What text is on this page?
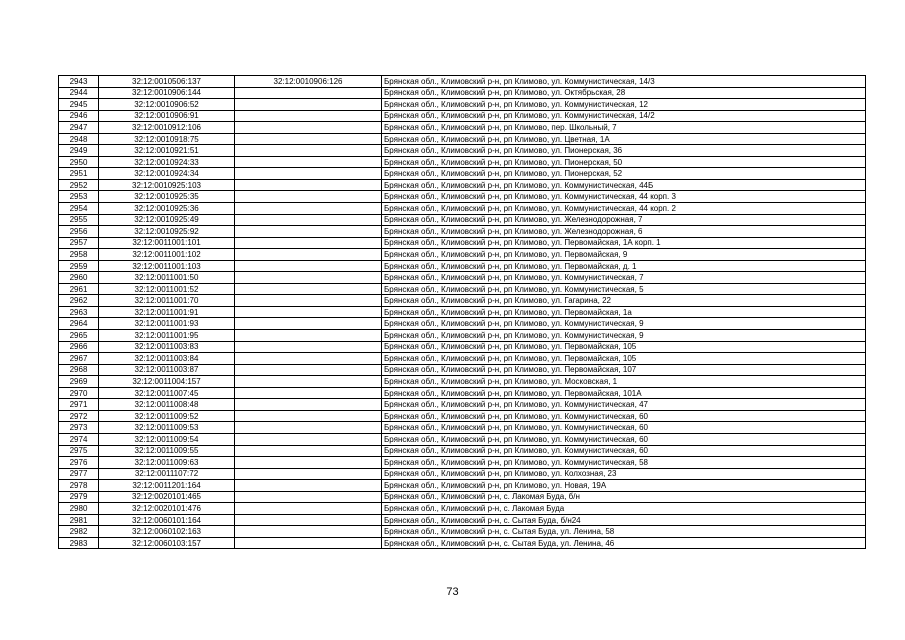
2943	32:12:0010506:137	32:12:0010906:126	Брянская обл., Климовский р-н, рп Климово, ул. Коммунистическая, 14/3
2944	32:12:0010906:144		Брянская обл., Климовский р-н, рп Климово, ул. Октябрьская, 28
2945	32:12:0010906:52		Брянская обл., Климовский р-н, рп Климово, ул. Коммунистическая, 12
2946	32:12:0010906:91		Брянская обл., Климовский р-н, рп Климово, ул. Коммунистическая, 14/2
2947	32:12:0010912:106		Брянская обл., Климовский р-н, рп Климово, пер. Школьный, 7
2948	32:12:0010918:75		Брянская обл., Климовский р-н, рп Климово, ул. Цветная, 1А
2949	32:12:0010921:51		Брянская обл., Климовский р-н, рп Климово, ул. Пионерская, 36
2950	32:12:0010924:33		Брянская обл., Климовский р-н, рп Климово, ул. Пионерская, 50
2951	32:12:0010924:34		Брянская обл., Климовский р-н, рп Климово, ул. Пионерская, 52
2952	32:12:0010925:103		Брянская обл., Климовский р-н, рп Климово, ул. Коммунистическая, 44Б
2953	32:12:0010925:35		Брянская обл., Климовский р-н, рп Климово, ул. Коммунистическая, 44 корп. 3
2954	32:12:0010925:36		Брянская обл., Климовский р-н, рп Климово, ул. Коммунистическая, 44 корп. 2
2955	32:12:0010925:49		Брянская обл., Климовский р-н, рп Климово, ул. Железнодорожная, 7
2956	32:12:0010925:92		Брянская обл., Климовский р-н, рп Климово, ул. Железнодорожная, 6
2957	32:12:0011001:101		Брянская обл., Климовский р-н, рп Климово, ул. Первомайская, 1А корп. 1
2958	32:12:0011001:102		Брянская обл., Климовский р-н, рп Климово, ул. Первомайская, 9
2959	32:12:0011001:103		Брянская обл., Климовский р-н, рп Климово, ул. Первомайская, д. 1
2960	32:12:0011001:50		Брянская обл., Климовский р-н, рп Климово, ул. Коммунистическая, 7
2961	32:12:0011001:52		Брянская обл., Климовский р-н, рп Климово, ул. Коммунистическая, 5
2962	32:12:0011001:70		Брянская обл., Климовский р-н, рп Климово, ул. Гагарина, 22
2963	32:12:0011001:91		Брянская обл., Климовский р-н, рп Климово, ул. Первомайская, 1а
2964	32:12:0011001:93		Брянская обл., Климовский р-н, рп Климово, ул. Коммунистическая, 9
2965	32:12:0011001:95		Брянская обл., Климовский р-н, рп Климово, ул. Коммунистическая, 9
2966	32:12:0011003:83		Брянская обл., Климовский р-н, рп Климово, ул. Первомайская, 105
2967	32:12:0011003:84		Брянская обл., Климовский р-н, рп Климово, ул. Первомайская, 105
2968	32:12:0011003:87		Брянская обл., Климовский р-н, рп Климово, ул. Первомайская, 107
2969	32:12:0011004:157		Брянская обл., Климовский р-н, рп Климово, ул. Московская, 1
2970	32:12:0011007:45		Брянская обл., Климовский р-н, рп Климово, ул. Первомайская, 101А
2971	32:12:0011008:48		Брянская обл., Климовский р-н, рп Климово, ул. Коммунистическая, 47
2972	32:12:0011009:52		Брянская обл., Климовский р-н, рп Климово, ул. Коммунистическая, 60
2973	32:12:0011009:53		Брянская обл., Климовский р-н, рп Климово, ул. Коммунистическая, 60
2974	32:12:0011009:54		Брянская обл., Климовский р-н, рп Климово, ул. Коммунистическая, 60
2975	32:12:0011009:55		Брянская обл., Климовский р-н, рп Климово, ул. Коммунистическая, 60
2976	32:12:0011009:63		Брянская обл., Климовский р-н, рп Климово, ул. Коммунистическая, 58
2977	32:12:0011107:72		Брянская обл., Климовский р-н, рп Климово, ул. Колхозная, 23
2978	32:12:0011201:164		Брянская обл., Климовский р-н, рп Климово, ул. Новая, 19А
2979	32:12:0020101:465		Брянская обл., Климовский р-н, с. Лакомая Буда, б/н
2980	32:12:0020101:476		Брянская обл., Климовский р-н, с. Лакомая Буда
2981	32:12:0060101:164		Брянская обл., Климовский р-н, с. Сытая Буда, б/н24
2982	32:12:0060102:163		Брянская обл., Климовский р-н, с. Сытая Буда, ул. Ленина, 58
2983	32:12:0060103:157		Брянская обл., Климовский р-н, с. Сытая Буда, ул. Ленина, 46
73
